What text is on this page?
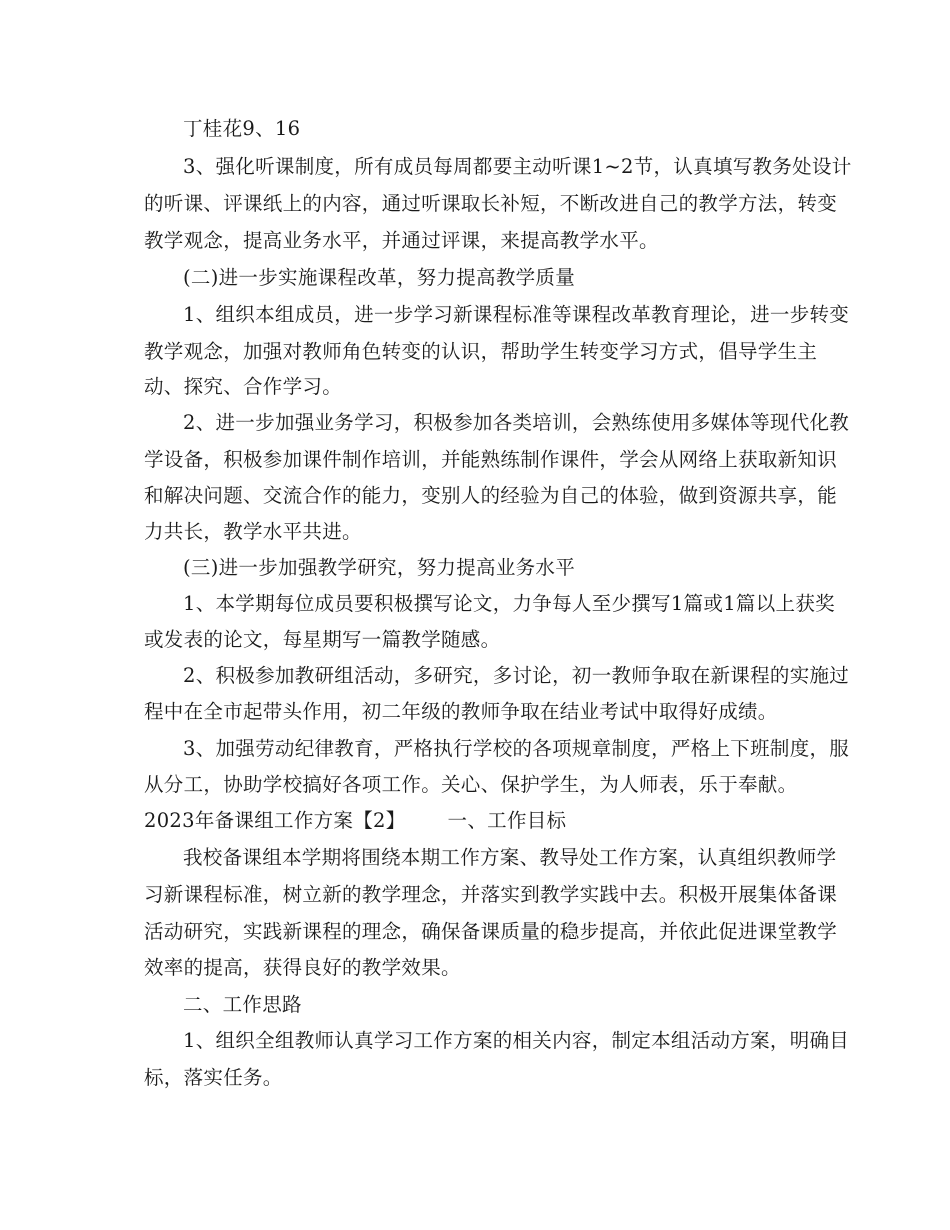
丁桂花9、16
3、强化听课制度，所有成员每周都要主动听课1~2节，认真填写教务处设计
的听课、评课纸上的内容，通过听课取长补短，不断改进自己的教学方法，转变
教学观念，提高业务水平，并通过评课，来提高教学水平。
(二)进一步实施课程改革，努力提高教学质量
1、组织本组成员，进一步学习新课程标准等课程改革教育理论，进一步转变
教学观念，加强对教师角色转变的认识，帮助学生转变学习方式，倡导学生主
动、探究、合作学习。
2、进一步加强业务学习，积极参加各类培训，会熟练使用多媒体等现代化教
学设备，积极参加课件制作培训，并能熟练制作课件，学会从网络上获取新知识
和解决问题、交流合作的能力，变别人的经验为自己的体验，做到资源共享，能
力共长，教学水平共进。
(三)进一步加强教学研究，努力提高业务水平
1、本学期每位成员要积极撰写论文，力争每人至少撰写1篇或1篇以上获奖
或发表的论文，每星期写一篇教学随感。
2、积极参加教研组活动，多研究，多讨论，初一教师争取在新课程的实施过
程中在全市起带头作用，初二年级的教师争取在结业考试中取得好成绩。
3、加强劳动纪律教育，严格执行学校的各项规章制度，严格上下班制度，服
从分工，协助学校搞好各项工作。关心、保护学生，为人师表，乐于奉献。
2023年备课组工作方案【2】 一、工作目标
我校备课组本学期将围绕本期工作方案、教导处工作方案，认真组织教师学
习新课程标准，树立新的教学理念，并落实到教学实践中去。积极开展集体备课
活动研究，实践新课程的理念，确保备课质量的稳步提高，并依此促进课堂教学
效率的提高，获得良好的教学效果。
二、工作思路
1、组织全组教师认真学习工作方案的相关内容，制定本组活动方案，明确目
标，落实任务。
